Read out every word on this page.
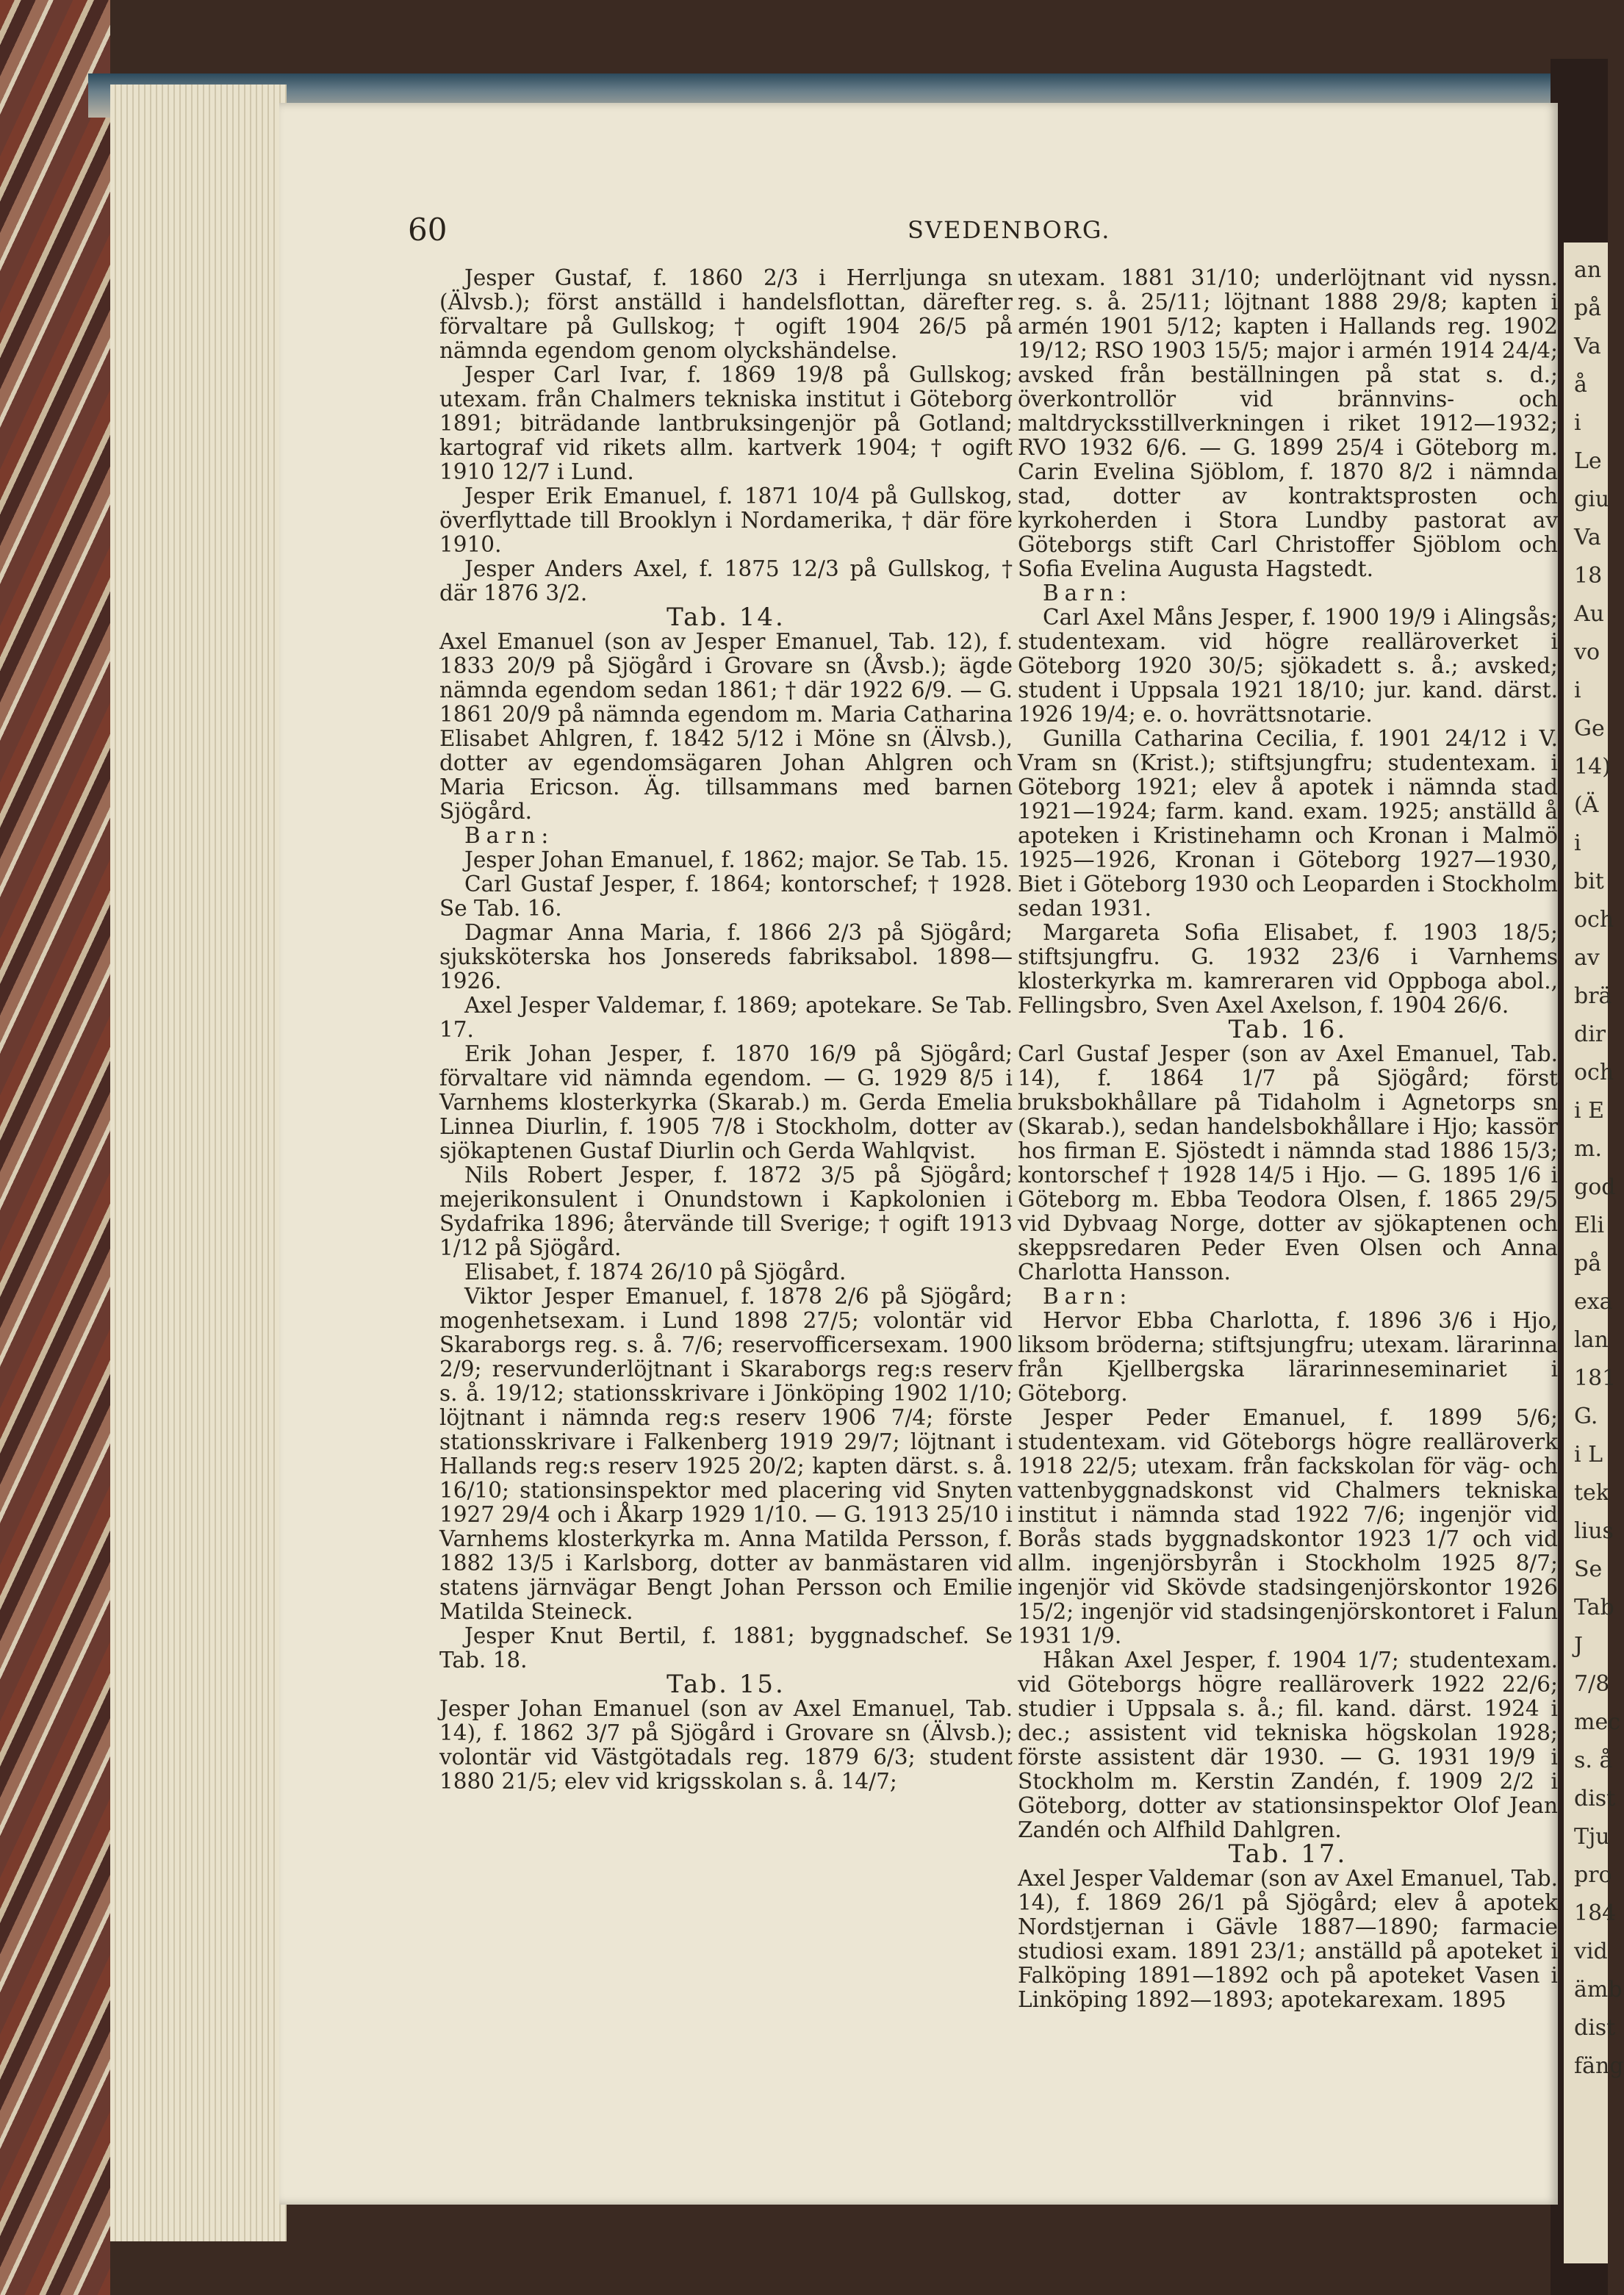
an
på
Va
å
i
Le
giu
Va
18
Au
vo
i
Ge
14)
(Ä
i
bit
och
av
brä
dir
och
i E
m.
god
Eli
på
exa
lan
181
G.
i L
tek
lius
Se
Tab
J
7/8
mec
s. å
dist
Tju
pro
184
vid
ämb
dist
fäng
60	SVEDENBORG.

Jesper Gustaf, f. 1860 2/3 i Herrljunga sn (Älvsb.); först anställd i handelsflottan, därefter förvaltare på Gullskog; † ogift 1904 26/5 på nämnda egendom genom olyckshändelse.

Jesper Carl Ivar, f. 1869 19/8 på Gullskog; utexam. från Chalmers tekniska institut i Göteborg 1891; biträdande lantbruksingenjör på Gotland; kartograf vid rikets allm. kartverk 1904; † ogift 1910 12/7 i Lund.

Jesper Erik Emanuel, f. 1871 10/4 på Gullskog, överflyttade till Brooklyn i Nordamerika, † där före 1910.

Jesper Anders Axel, f. 1875 12/3 på Gullskog, † där 1876 3/2.

Tab. 14.

Axel Emanuel (son av Jesper Emanuel, Tab. 12), f. 1833 20/9 på Sjögård i Grovare sn (Åvsb.); ägde nämnda egendom sedan 1861; † där 1922 6/9. — G. 1861 20/9 på nämnda egendom m. Maria Catharina Elisabet Ahlgren, f. 1842 5/12 i Möne sn (Älvsb.), dotter av egendomsägaren Johan Ahlgren och Maria Ericson. Äg. tillsammans med barnen Sjögård.

Barn:

Jesper Johan Emanuel, f. 1862; major. Se Tab. 15.

Carl Gustaf Jesper, f. 1864; kontorschef; † 1928. Se Tab. 16.

Dagmar Anna Maria, f. 1866 2/3 på Sjögård; sjuksköterska hos Jonsereds fabriksabol. 1898—1926.

Axel Jesper Valdemar, f. 1869; apotekare. Se Tab. 17.

Erik Johan Jesper, f. 1870 16/9 på Sjögård; förvaltare vid nämnda egendom. — G. 1929 8/5 i Varnhems klosterkyrka (Skarab.) m. Gerda Emelia Linnea Diurlin, f. 1905 7/8 i Stockholm, dotter av sjökaptenen Gustaf Diurlin och Gerda Wahlqvist.

Nils Robert Jesper, f. 1872 3/5 på Sjögård; mejerikonsulent i Onundstown i Kapkolonien i Sydafrika 1896; återvände till Sverige; † ogift 1913 1/12 på Sjögård.

Elisabet, f. 1874 26/10 på Sjögård.

Viktor Jesper Emanuel, f. 1878 2/6 på Sjögård; mogenhetsexam. i Lund 1898 27/5; volontär vid Skaraborgs reg. s. å. 7/6; reservofficersexam. 1900 2/9; reservunderlöjtnant i Skaraborgs reg:s reserv s. å. 19/12; stationsskrivare i Jönköping 1902 1/10; löjtnant i nämnda reg:s reserv 1906 7/4; förste stationsskrivare i Falkenberg 1919 29/7; löjtnant i Hallands reg:s reserv 1925 20/2; kapten därst. s. å. 16/10; stationsinspektor med placering vid Snyten 1927 29/4 och i Åkarp 1929 1/10. — G. 1913 25/10 i Varnhems klosterkyrka m. Anna Matilda Persson, f. 1882 13/5 i Karlsborg, dotter av banmästaren vid statens järnvägar Bengt Johan Persson och Emilie Matilda Steineck.

Jesper Knut Bertil, f. 1881; byggnadschef. Se Tab. 18.

Tab. 15.

Jesper Johan Emanuel (son av Axel Emanuel, Tab. 14), f. 1862 3/7 på Sjögård i Grovare sn (Älvsb.); volontär vid Västgötadals reg. 1879 6/3; student 1880 21/5; elev vid krigsskolan s. å. 14/7;

utexam. 1881 31/10; underlöjtnant vid nyssn. reg. s. å. 25/11; löjtnant 1888 29/8; kapten i armén 1901 5/12; kapten i Hallands reg. 1902 19/12; RSO 1903 15/5; major i armén 1914 24/4; avsked från beställningen på stat s. d.; överkontrollör vid brännvins- och maltdrycksstillverkningen i riket 1912—1932; RVO 1932 6/6. — G. 1899 25/4 i Göteborg m. Carin Evelina Sjöblom, f. 1870 8/2 i nämnda stad, dotter av kontraktsprosten och kyrkoherden i Stora Lundby pastorat av Göteborgs stift Carl Christoffer Sjöblom och Sofia Evelina Augusta Hagstedt.

Barn:

Carl Axel Måns Jesper, f. 1900 19/9 i Alingsås; studentexam. vid högre realläroverket i Göteborg 1920 30/5; sjökadett s. å.; avsked; student i Uppsala 1921 18/10; jur. kand. därst. 1926 19/4; e. o. hovrättsnotarie.

Gunilla Catharina Cecilia, f. 1901 24/12 i V. Vram sn (Krist.); stiftsjungfru; studentexam. i Göteborg 1921; elev å apotek i nämnda stad 1921—1924; farm. kand. exam. 1925; anställd å apoteken i Kristinehamn och Kronan i Malmö 1925—1926, Kronan i Göteborg 1927—1930, Biet i Göteborg 1930 och Leoparden i Stockholm sedan 1931.

Margareta Sofia Elisabet, f. 1903 18/5; stiftsjungfru. G. 1932 23/6 i Varnhems klosterkyrka m. kamreraren vid Oppboga abol., Fellingsbro, Sven Axel Axelson, f. 1904 26/6.

Tab. 16.

Carl Gustaf Jesper (son av Axel Emanuel, Tab. 14), f. 1864 1/7 på Sjögård; först bruksbokhållare på Tidaholm i Agnetorps sn (Skarab.), sedan handelsbokhållare i Hjo; kassör hos firman E. Sjöstedt i nämnda stad 1886 15/3; kontorschef † 1928 14/5 i Hjo. — G. 1895 1/6 i Göteborg m. Ebba Teodora Olsen, f. 1865 29/5 vid Dybvaag Norge, dotter av sjökaptenen och skeppsredaren Peder Even Olsen och Anna Charlotta Hansson.

Barn:

Hervor Ebba Charlotta, f. 1896 3/6 i Hjo, liksom bröderna; stiftsjungfru; utexam. lärarinna från Kjellbergska lärarinneseminariet i Göteborg.

Jesper Peder Emanuel, f. 1899 5/6; studentexam. vid Göteborgs högre realläroverk 1918 22/5; utexam. från fackskolan för väg- och vattenbyggnadskonst vid Chalmers tekniska institut i nämnda stad 1922 7/6; ingenjör vid Borås stads byggnadskontor 1923 1/7 och vid allm. ingenjörsbyrån i Stockholm 1925 8/7; ingenjör vid Skövde stadsingenjörskontor 1926 15/2; ingenjör vid stadsingenjörskontoret i Falun 1931 1/9.

Håkan Axel Jesper, f. 1904 1/7; studentexam. vid Göteborgs högre realläroverk 1922 22/6; studier i Uppsala s. å.; fil. kand. därst. 1924 i dec.; assistent vid tekniska högskolan 1928; förste assistent där 1930. — G. 1931 19/9 i Stockholm m. Kerstin Zandén, f. 1909 2/2 i Göteborg, dotter av stationsinspektor Olof Jean Zandén och Alfhild Dahlgren.

Tab. 17.

Axel Jesper Valdemar (son av Axel Emanuel, Tab. 14), f. 1869 26/1 på Sjögård; elev å apotek Nordstjernan i Gävle 1887—1890; farmacie studiosi exam. 1891 23/1; anställd på apoteket i Falköping 1891—1892 och på apoteket Vasen i Linköping 1892—1893; apotekarexam. 1895
